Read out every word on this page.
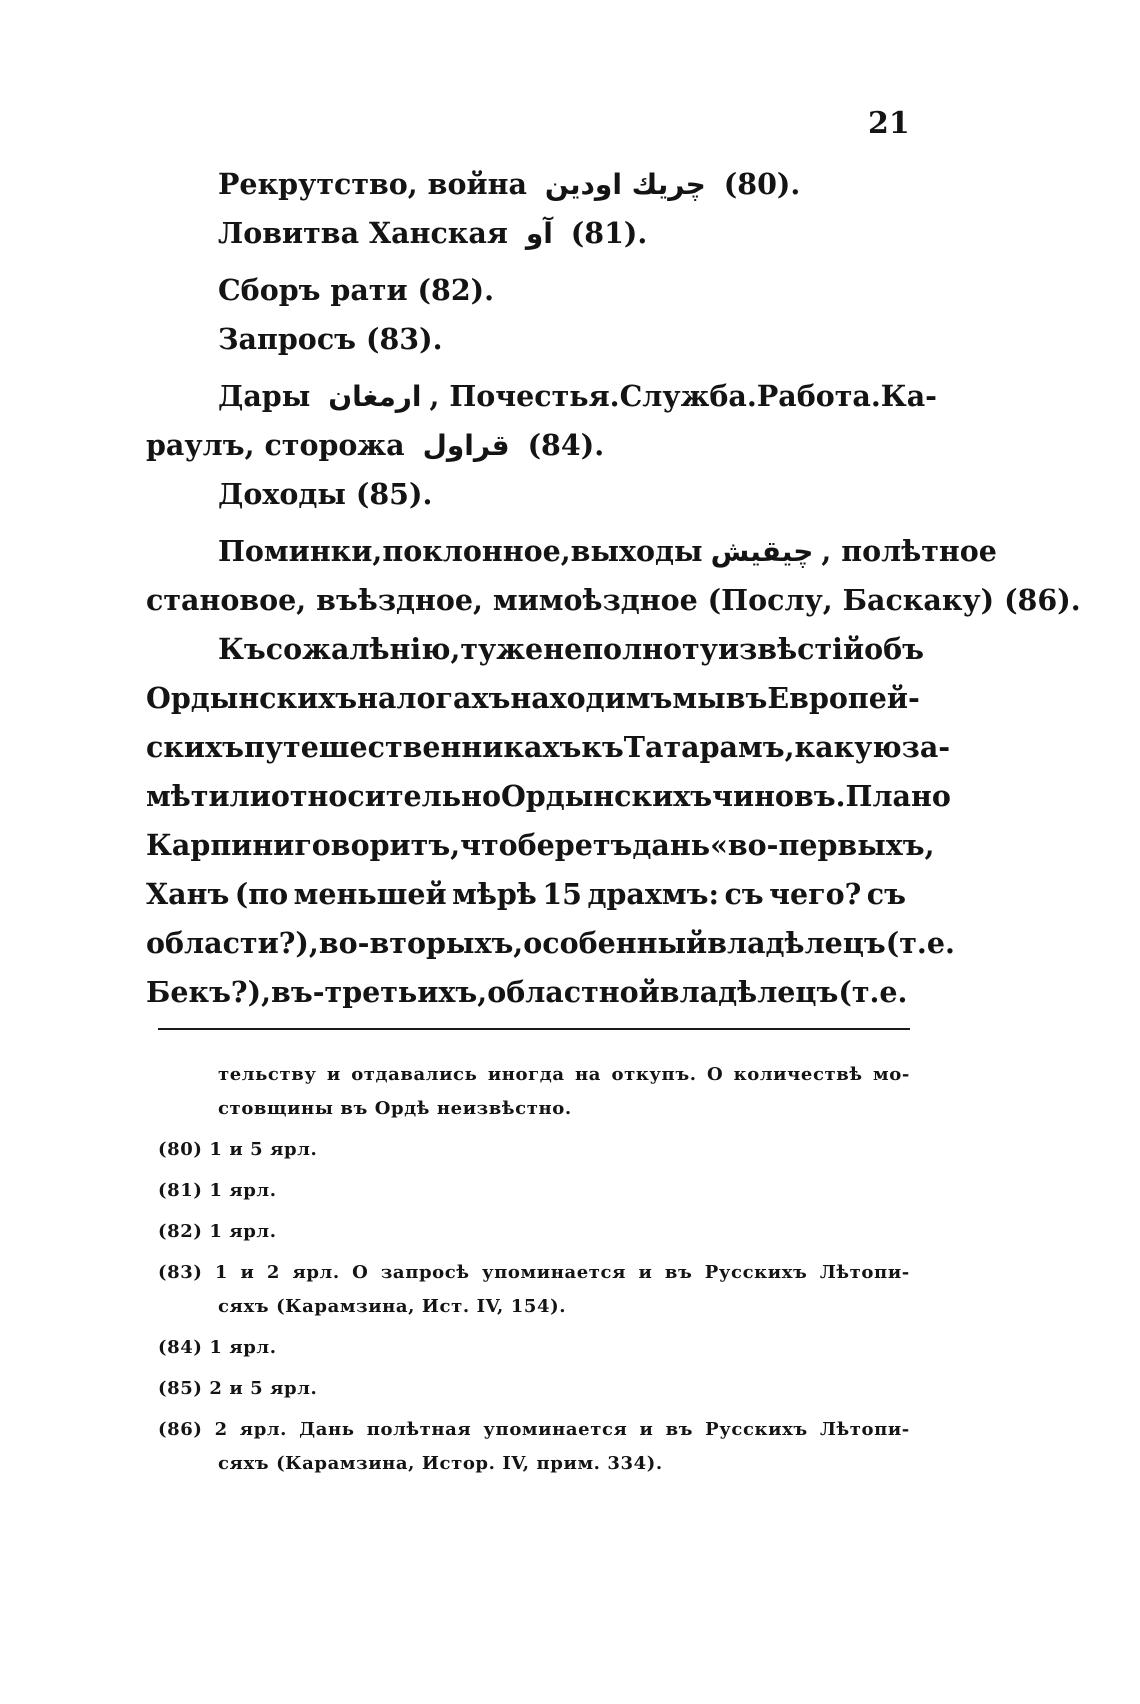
21
Рекрутство, война چريك اودين (80).
Ловитва Ханская آو (81).
Сборъ рати (82).
Запросъ (83).
Дары ارمغان , Почестья. Служба. Работа. Ка-
раулъ, сторожа قراول (84).
Доходы (85).
Поминки, поклонное, выходы چيقيش , полѣтное
становое, въѣздное, мимоѣздное (Послу, Баскаку) (86).
Къ сожалѣнію, ту же неполноту извѣстій объ
Ордынскихъ налогахъ находимъ мы въ Европей-
скихъ путешественникахъ къ Татарамъ, какую за-
мѣтили относительно Ордынскихъ чиновъ. Плано
Карпини говоритъ, что беретъ дань «во-первыхъ,
Ханъ (по меньшей мѣрѣ 15 драхмъ: съ чего? съ
области?), во-вторыхъ, особенный владѣлецъ (т. е.
Бекъ?), въ-третьихъ, областной владѣлецъ (т. е.
тельству и отдавались иногда на откупъ. О количествѣ мо-
стовщины въ Ордѣ неизвѣстно.
(80) 1 и 5 ярл.
(81) 1 ярл.
(82) 1 ярл.
(83) 1 и 2 ярл. О запросѣ упоминается и въ Русскихъ Лѣтопи-
сяхъ (Карамзина, Ист. IV, 154).
(84) 1 ярл.
(85) 2 и 5 ярл.
(86) 2 ярл. Дань полѣтная упоминается и въ Русскихъ Лѣтопи-
сяхъ (Карамзина, Истор. IV, прим. 334).
